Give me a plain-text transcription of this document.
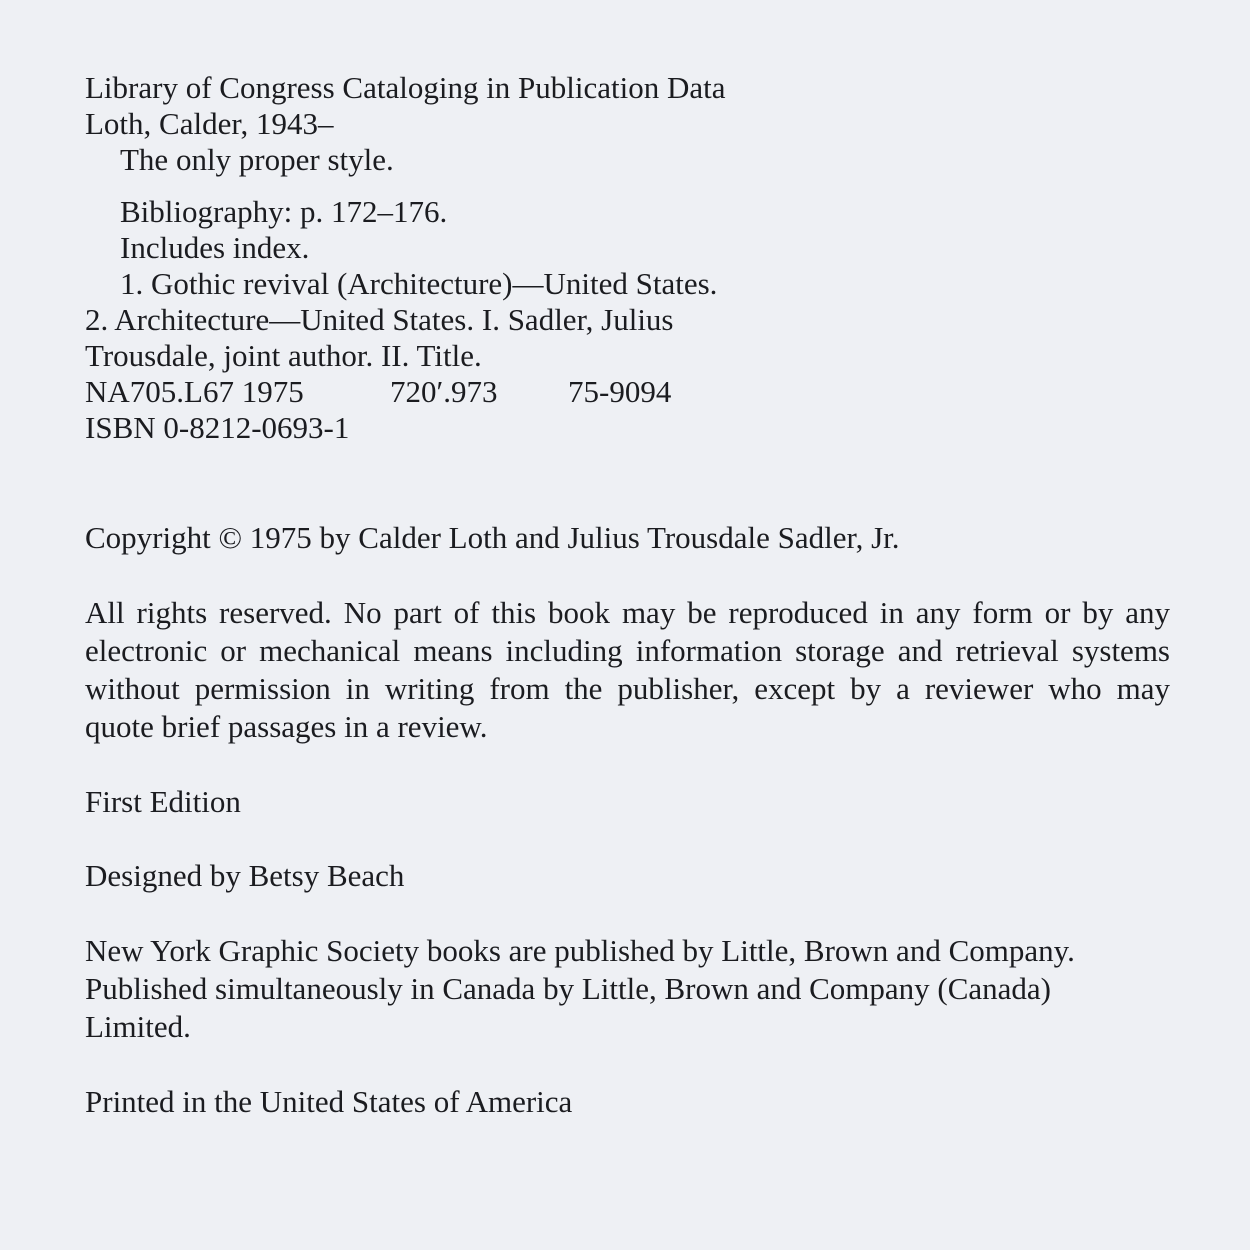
Library of Congress Cataloging in Publication Data
Loth, Calder, 1943–
The only proper style.
Bibliography: p. 172–176.
Includes index.
1. Gothic revival (Architecture)—United States.
2. Architecture—United States. I. Sadler, Julius
Trousdale, joint author. II. Title.
NA705.L67 1975	720′.973 75-9094
ISBN 0-8212-0693-1

Copyright © 1975 by Calder Loth and Julius Trousdale Sadler, Jr.

All rights reserved. No part of this book may be reproduced in any form or by any
electronic or mechanical means including information storage and retrieval systems
without permission in writing from the publisher, except by a reviewer who may
quote brief passages in a review.

First Edition

Designed by Betsy Beach

New York Graphic Society books are published by Little, Brown and Company.
Published simultaneously in Canada by Little, Brown and Company (Canada)
Limited.

Printed in the United States of America
